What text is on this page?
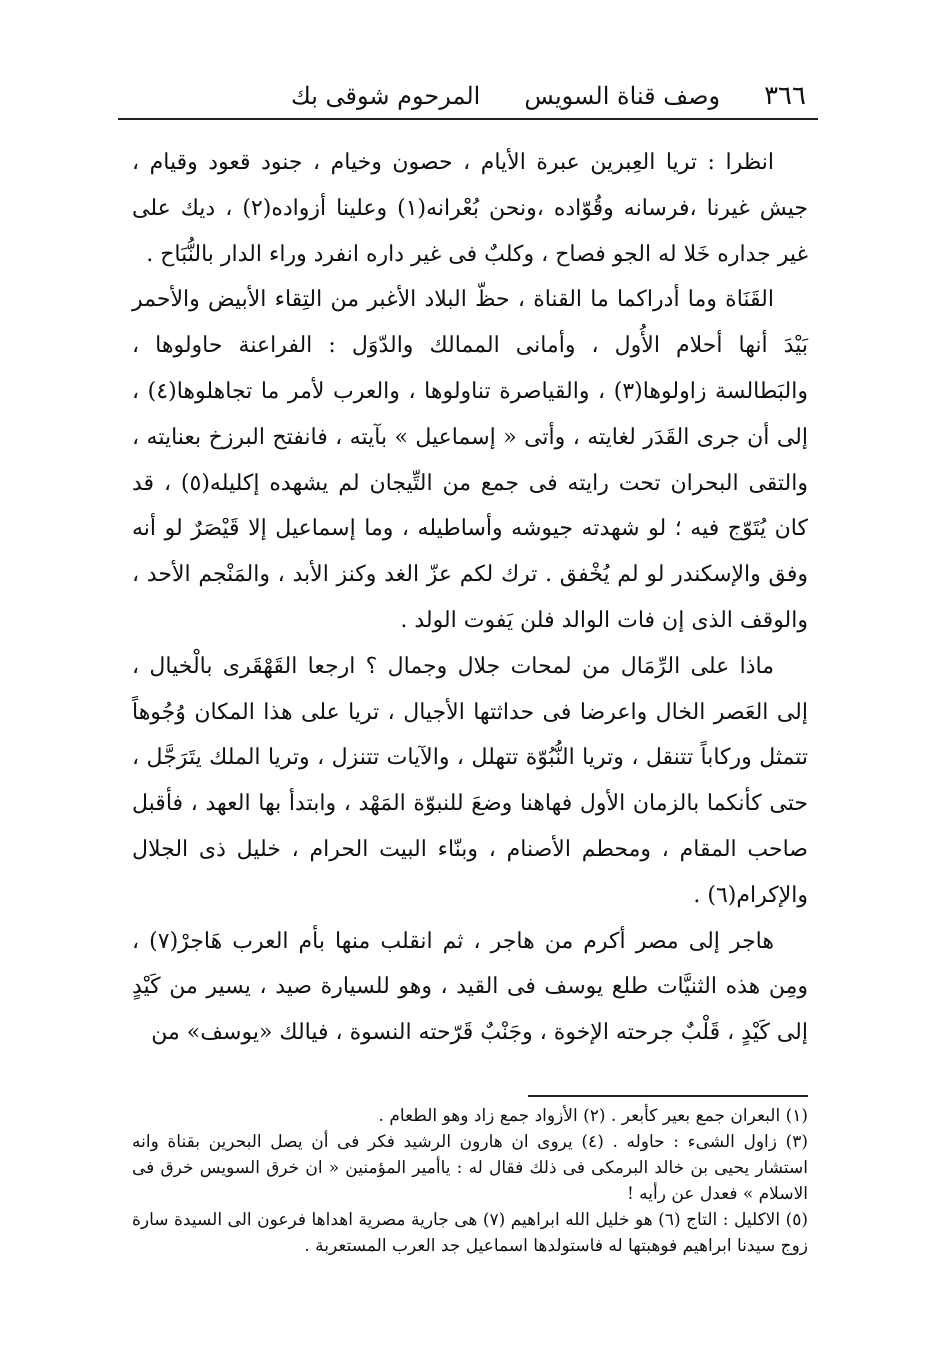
٣٦٦
وصف قناة السويس
المرحوم شوقى بك

انظرا : تريا العِبرين عبرة الأيام ، حصون وخيام ، جنود قعود وقيام ، جيش غيرنا ،فرسانه وقُوّاده ،ونحن بُعْرانه(١) وعلينا أزواده(٢) ، ديك على غير جداره خَلا له الجو فصاح ، وكلبٌ فى غير داره انفرد وراء الدار بالنُّبَاح .

القَنَاة وما أدراكما ما القناة ، حظّ البلاد الأغبر من التِقاء الأبيض والأحمر بَيْدَ أنها أحلام الأُول ، وأمانى الممالك والدّوَل : الفراعنة حاولوها ، والبَطالسة زاولوها(٣) ، والقياصرة تناولوها ، والعرب لأمر ما تجاهلوها(٤) ، إلى أن جرى القَدَر لغايته ، وأتى « إسماعيل » بآيته ، فانفتح البرزخ بعنايته ، والتقى البحران تحت رايته فى جمع من التِّيجان لم يشهده إكليله(٥) ، قد كان يُتَوّج فيه ؛ لو شهدته جيوشه وأساطيله ، وما إسماعيل إلا قَيْصَرٌ لو أنه وفق والإسكندر لو لم يُخْفق . ترك لكم عزّ الغد وكنز الأبد ، والمَنْجم الأحد ، والوقف الذى إن فات الوالد فلن يَفوت الولد .

ماذا على الرِّمَال من لمحات جلال وجمال ؟ ارجعا القَهْقَرى بالْخيال ، إلى العَصر الخال واعرضا فى حداثتها الأجيال ، تريا على هذا المكان وُجُوهاً تتمثل وركاباً تتنقل ، وتريا النُّبُوّة تتهلل ، والآيات تتنزل ، وتريا الملك يتَرَجَّل ، حتى كأنكما بالزمان الأول فهاهنا وضعَ للنبوّة المَهْد ، وابتدأ بها العهد ، فأقبل صاحب المقام ، ومحطم الأصنام ، وبنّاء البيت الحرام ، خليل ذى الجلال والإكرام(٦) .

هاجر إلى مصر أكرم من هاجر ، ثم انقلب منها بأم العرب هَاجرْ(٧) ، ومِن هذه الثنيَّات طلع يوسف فى القيد ، وهو للسيارة صيد ، يسير من كَيْدٍ إلى كَيْدٍ ، قَلْبٌ جرحته الإخوة ، وجَنْبٌ قَرّحته النسوة ، فيالك «يوسف» من

(١) البعران جمع بعير كأبعر . (٢) الأزواد جمع زاد وهو الطعام .
(٣) زاول الشىء : حاوله . (٤) يروى ان هارون الرشيد فكر فى أن يصل البحرين بقناة وانه استشار يحيى بن خالد البرمكى فى ذلك فقال له : ياأمير المؤمنين « ان خرق السويس خرق فى الاسلام » فعدل عن رأيه !
(٥) الاكليل : التاج (٦) هو خليل الله ابراهيم (٧) هى جارية مصرية اهداها فرعون الى السيدة سارة زوج سيدنا ابراهيم فوهبتها له فاستولدها اسماعيل جد العرب المستعربة .
